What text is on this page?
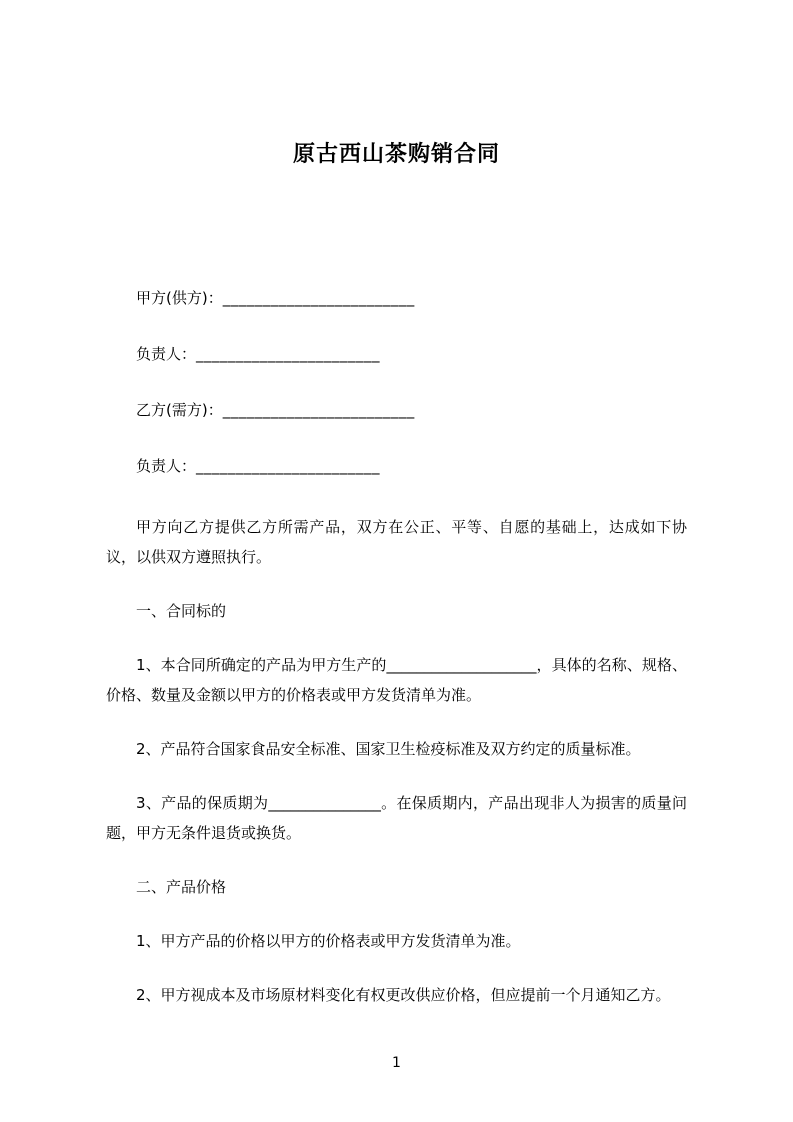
原古西山茶购销合同
甲方(供方)：________________________
负责人：_______________________
乙方(需方)：________________________
负责人：_______________________

甲方向乙方提供乙方所需产品，双方在公正、平等、自愿的基础上，达成如下协议，以供双方遵照执行。

一、合同标的

1、本合同所确定的产品为甲方生产的____________________，具体的名称、规格、价格、数量及金额以甲方的价格表或甲方发货清单为准。

2、产品符合国家食品安全标准、国家卫生检疫标准及双方约定的质量标准。

3、产品的保质期为_______________。在保质期内，产品出现非人为损害的质量问题，甲方无条件退货或换货。

二、产品价格

1、甲方产品的价格以甲方的价格表或甲方发货清单为准。

2、甲方视成本及市场原材料变化有权更改供应价格，但应提前一个月通知乙方。

1
